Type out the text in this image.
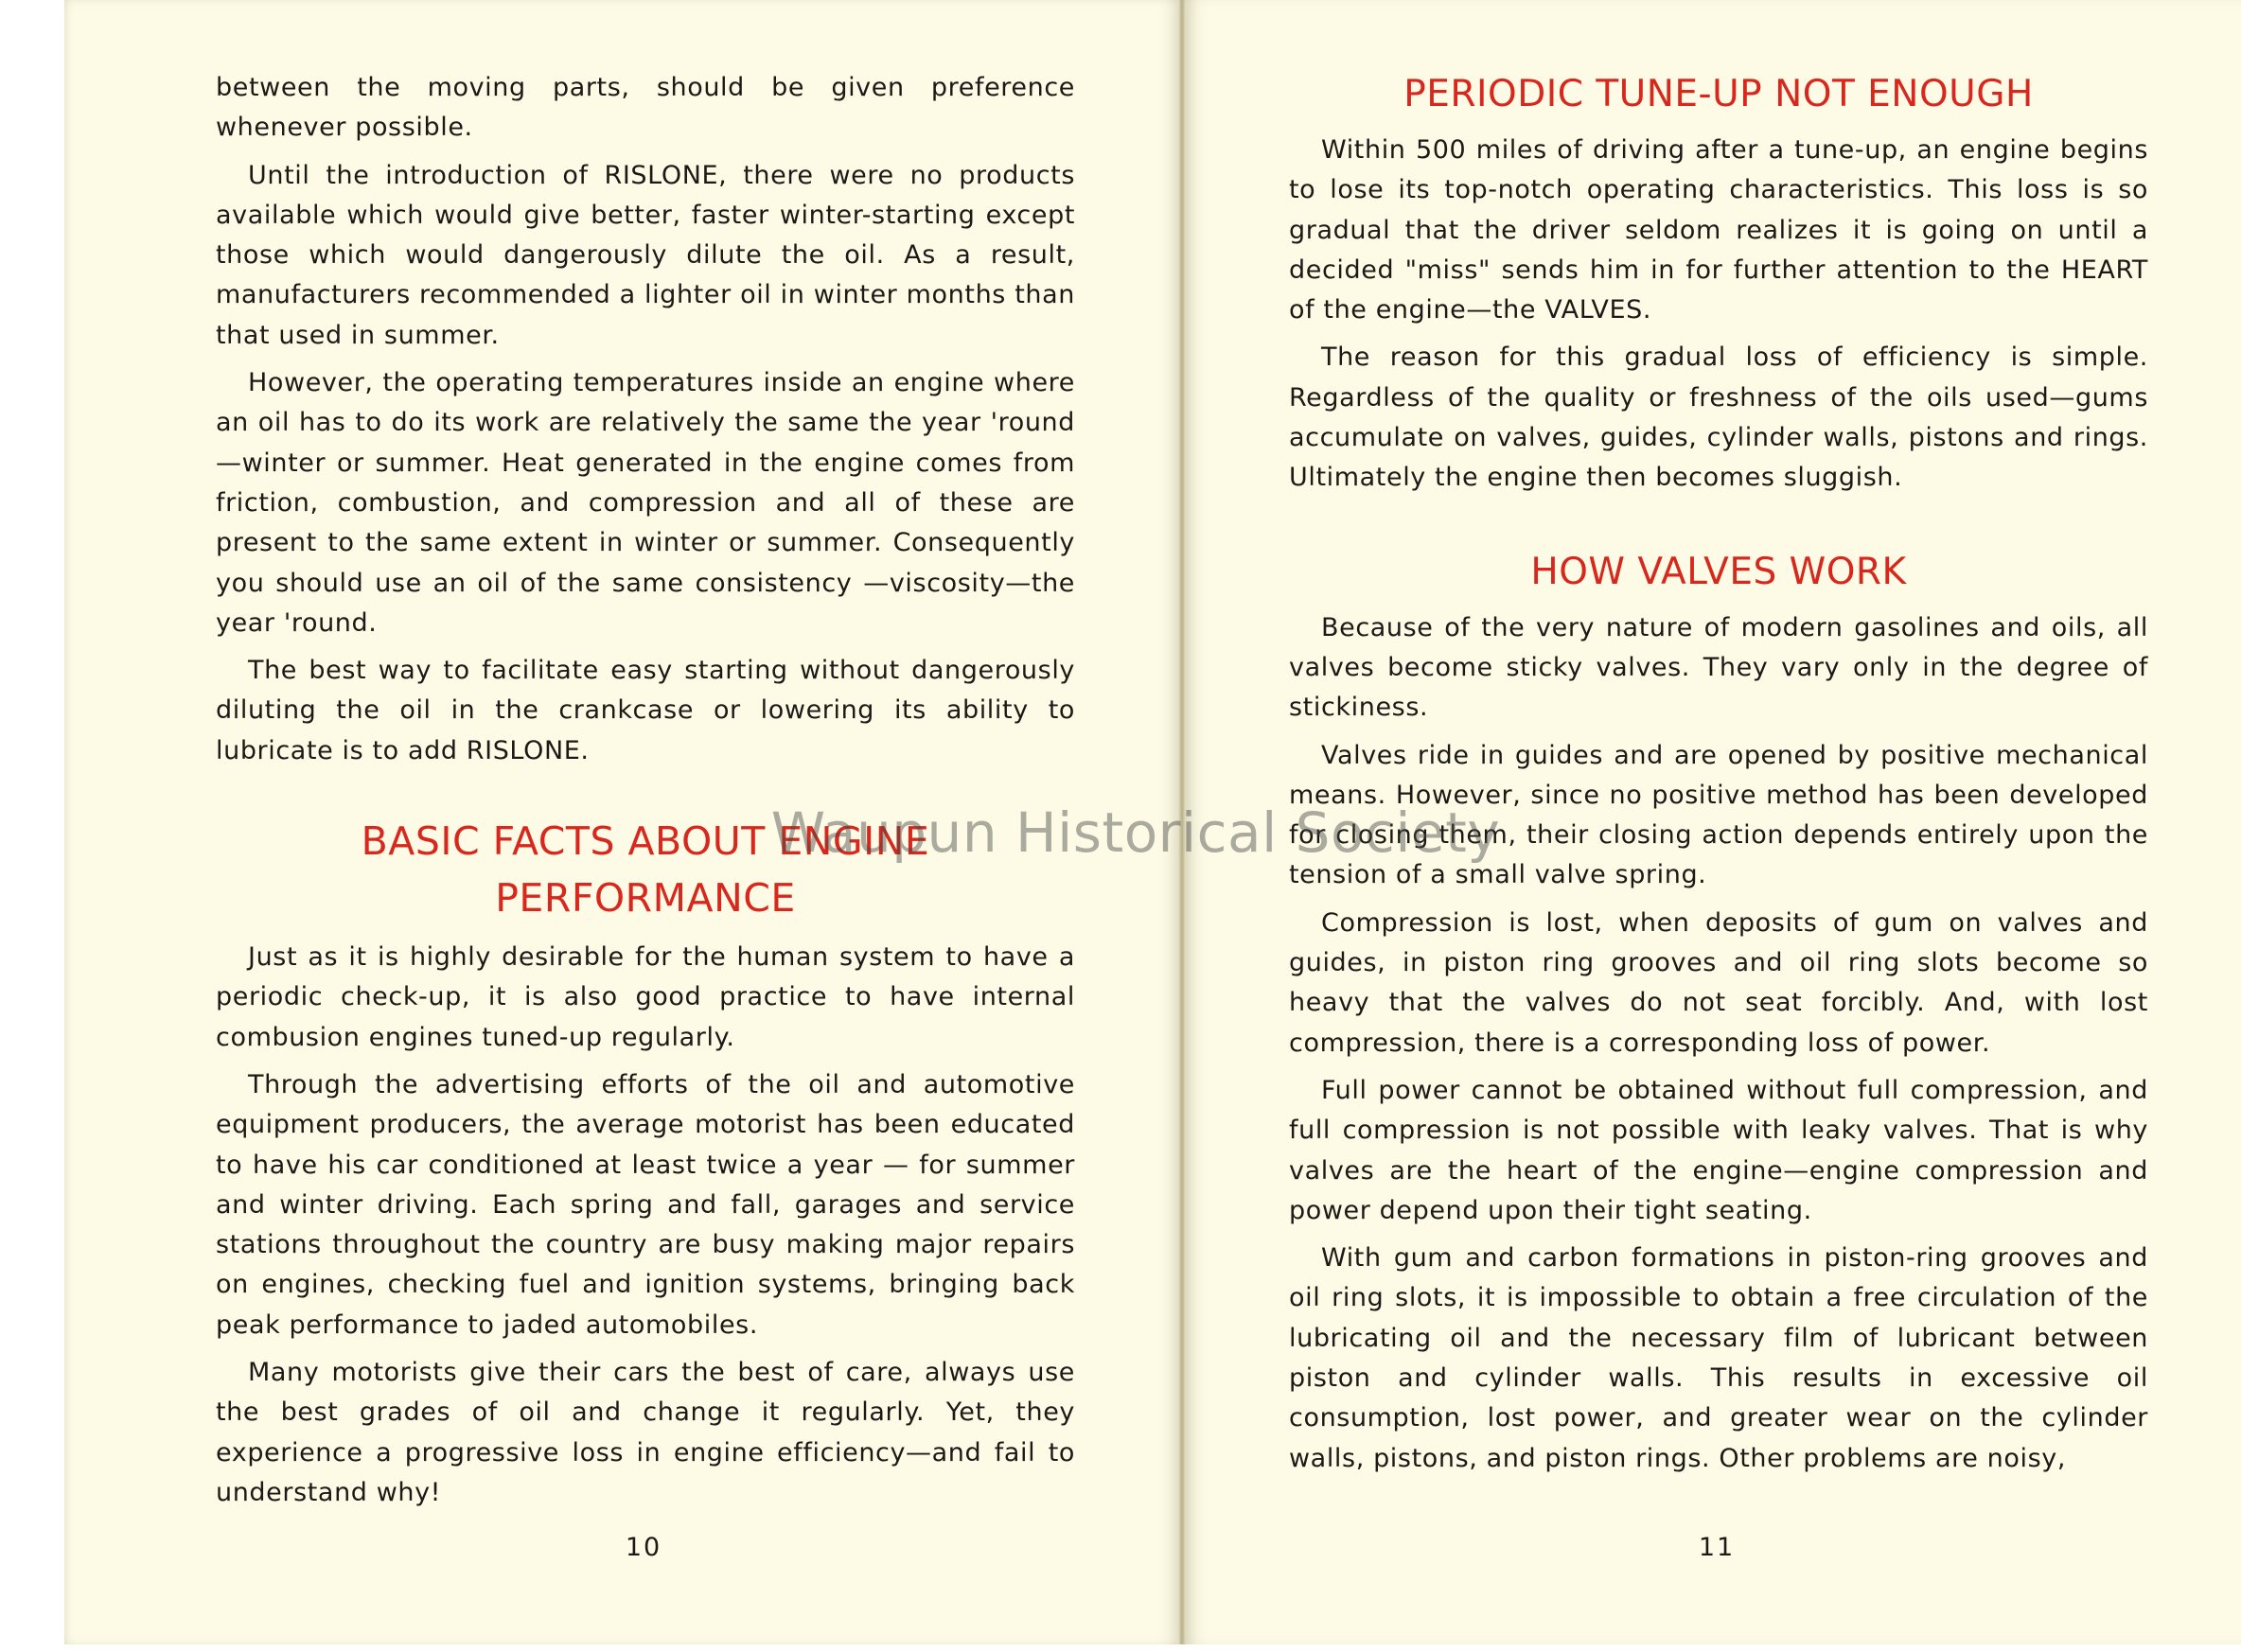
between the moving parts, should be given preference whenever possible.

Until the introduction of RISLONE, there were no products available which would give better, faster winter-starting except those which would dangerously dilute the oil. As a result, manufacturers recommended a lighter oil in winter months than that used in summer.

However, the operating temperatures inside an engine where an oil has to do its work are relatively the same the year 'round—winter or summer. Heat generated in the engine comes from friction, combustion, and compression and all of these are present to the same extent in winter or summer. Consequently you should use an oil of the same consistency —viscosity—the year 'round.

The best way to facilitate easy starting without dangerously diluting the oil in the crankcase or lowering its ability to lubricate is to add RISLONE.

BASIC FACTS ABOUT ENGINE PERFORMANCE

Just as it is highly desirable for the human system to have a periodic check-up, it is also good practice to have internal combusion engines tuned-up regularly.

Through the advertising efforts of the oil and automotive equipment producers, the average motorist has been educated to have his car conditioned at least twice a year — for summer and winter driving. Each spring and fall, garages and service stations throughout the country are busy making major repairs on engines, checking fuel and ignition systems, bringing back peak performance to jaded automobiles.

Many motorists give their cars the best of care, always use the best grades of oil and change it regularly. Yet, they experience a progressive loss in engine efficiency—and fail to understand why!

PERIODIC TUNE-UP NOT ENOUGH

Within 500 miles of driving after a tune-up, an engine begins to lose its top-notch operating characteristics. This loss is so gradual that the driver seldom realizes it is going on until a decided "miss" sends him in for further attention to the HEART of the engine—the VALVES.

The reason for this gradual loss of efficiency is simple. Regardless of the quality or freshness of the oils used—gums accumulate on valves, guides, cylinder walls, pistons and rings. Ultimately the engine then becomes sluggish.

HOW VALVES WORK

Because of the very nature of modern gasolines and oils, all valves become sticky valves. They vary only in the degree of stickiness.

Valves ride in guides and are opened by positive mechanical means. However, since no positive method has been developed for closing them, their closing action depends entirely upon the tension of a small valve spring.

Compression is lost, when deposits of gum on valves and guides, in piston ring grooves and oil ring slots become so heavy that the valves do not seat forcibly. And, with lost compression, there is a corresponding loss of power.

Full power cannot be obtained without full compression, and full compression is not possible with leaky valves. That is why valves are the heart of the engine—engine compression and power depend upon their tight seating.

With gum and carbon formations in piston-ring grooves and oil ring slots, it is impossible to obtain a free circulation of the lubricating oil and the necessary film of lubricant between piston and cylinder walls. This results in excessive oil consumption, lost power, and greater wear on the cylinder walls, pistons, and piston rings. Other problems are noisy,

10	11
Waupun Historical Society
